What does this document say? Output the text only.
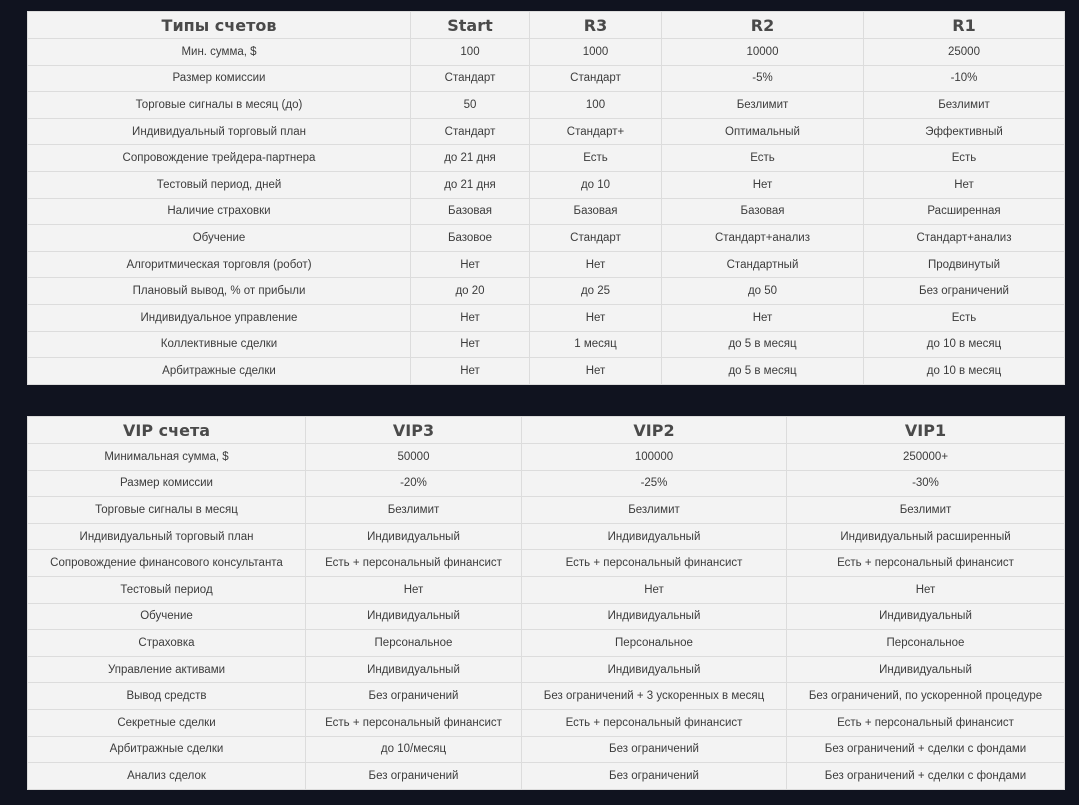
Типы счетов	Start	R3	R2	R1
Мин. сумма, $	100	1000	10000	25000
Размер комиссии	Стандарт	Стандарт	-5%	-10%
Торговые сигналы в месяц (до)	50	100	Безлимит	Безлимит
Индивидуальный торговый план	Стандарт	Стандарт+	Оптимальный	Эффективный
Сопровождение трейдера-партнера	до 21 дня	Есть	Есть	Есть
Тестовый период, дней	до 21 дня	до 10	Нет	Нет
Наличие страховки	Базовая	Базовая	Базовая	Расширенная
Обучение	Базовое	Стандарт	Стандарт+анализ	Стандарт+анализ
Алгоритмическая торговля (робот)	Нет	Нет	Стандартный	Продвинутый
Плановый вывод, % от прибыли	до 20	до 25	до 50	Без ограничений
Индивидуальное управление	Нет	Нет	Нет	Есть
Коллективные сделки	Нет	1 месяц	до 5 в месяц	до 10 в месяц
Арбитражные сделки	Нет	Нет	до 5 в месяц	до 10 в месяц
VIP счета	VIP3	VIP2	VIP1
Минимальная сумма, $	50000	100000	250000+
Размер комиссии	-20%	-25%	-30%
Торговые сигналы в месяц	Безлимит	Безлимит	Безлимит
Индивидуальный торговый план	Индивидуальный	Индивидуальный	Индивидуальный расширенный
Сопровождение финансового консультанта	Есть + персональный финансист	Есть + персональный финансист	Есть + персональный финансист
Тестовый период	Нет	Нет	Нет
Обучение	Индивидуальный	Индивидуальный	Индивидуальный
Страховка	Персональное	Персональное	Персональное
Управление активами	Индивидуальный	Индивидуальный	Индивидуальный
Вывод средств	Без ограничений	Без ограничений + 3 ускоренных в месяц	Без ограничений, по ускоренной процедуре
Секретные сделки	Есть + персональный финансист	Есть + персональный финансист	Есть + персональный финансист
Арбитражные сделки	до 10/месяц	Без ограничений	Без ограничений + сделки с фондами
Анализ сделок	Без ограничений	Без ограничений	Без ограничений + сделки с фондами
